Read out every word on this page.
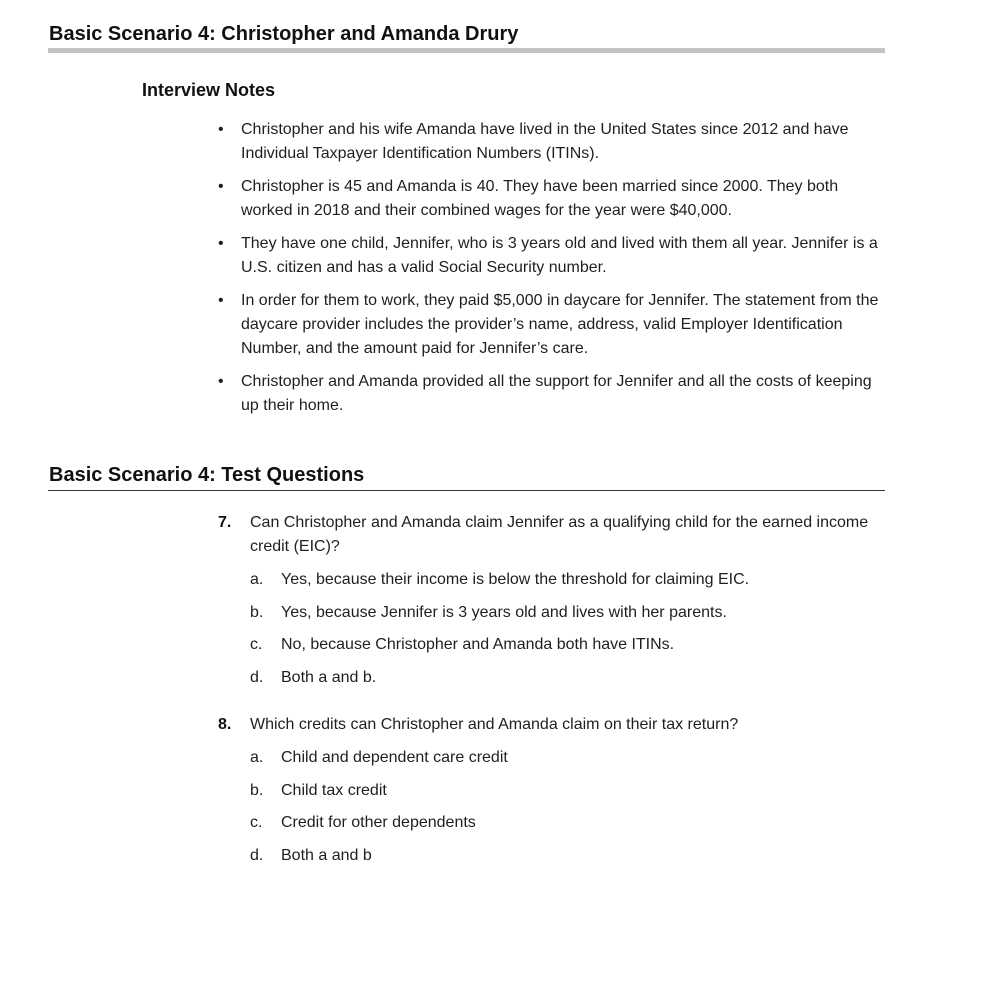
Basic Scenario 4: Christopher and Amanda Drury
Interview Notes
•	Christopher and his wife Amanda have lived in the United States since 2012 and have Individual Taxpayer Identification Numbers (ITINs).
•	Christopher is 45 and Amanda is 40. They have been married since 2000. They both worked in 2018 and their combined wages for the year were $40,000.
•	They have one child, Jennifer, who is 3 years old and lived with them all year. Jennifer is a U.S. citizen and has a valid Social Security number.
•	In order for them to work, they paid $5,000 in daycare for Jennifer. The statement from the daycare provider includes the provider’s name, address, valid Employer Identification Number, and the amount paid for Jennifer’s care.
•	Christopher and Amanda provided all the support for Jennifer and all the costs of keeping up their home.
Basic Scenario 4: Test Questions
7. Can Christopher and Amanda claim Jennifer as a qualifying child for the earned income credit (EIC)?
a. Yes, because their income is below the threshold for claiming EIC.
b. Yes, because Jennifer is 3 years old and lives with her parents.
c. No, because Christopher and Amanda both have ITINs.
d. Both a and b.
8. Which credits can Christopher and Amanda claim on their tax return?
a. Child and dependent care credit
b. Child tax credit
c. Credit for other dependents
d. Both a and b
